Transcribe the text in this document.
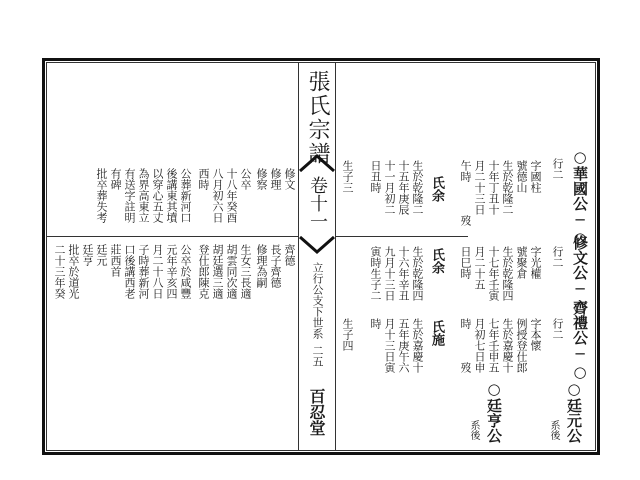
張氏宗譜
卷十一
立行公支下世系
二五
百忍堂
○華國公─○
修文公─○
齊禮公─○
行二
字國柱
號德山
生於乾隆二
十年丁丑十
月二十三日
午時　　　歿
氏余
生於乾隆二
十五年庚辰
十一月初二
日丑時
生子三
行二
字光權
號聚倉
生於乾隆四
十七年壬寅
月二十五
日巳時
氏余
生於乾隆四
十六年辛丑
九月十三日
寅時生子二
行二
字本懷
例授登仕郎
生於嘉慶十
七年壬申五
月初七日申
時　　　歿
氏施
生於嘉慶十
五年庚午六
月十三日寅
時
生子四
○廷元公
系後
○廷亨公
系後
修文
修理
修察
公卒
十八年癸酉
八月初六日
西時
公葬新河口
後講東其墳
以穿心五丈
為界高東立
有送字註明
有碑
批卒葬失考
齊德
長子齊德
修理為嗣
生女三長適
胡雲同次適
胡廷選三適
登仕郎陳克
公卒於咸豐
元年辛亥四
月二十八日
子時葬新河
口後講西老
莊西首
廷元
廷亨
批卒於道光
二十三年癸
